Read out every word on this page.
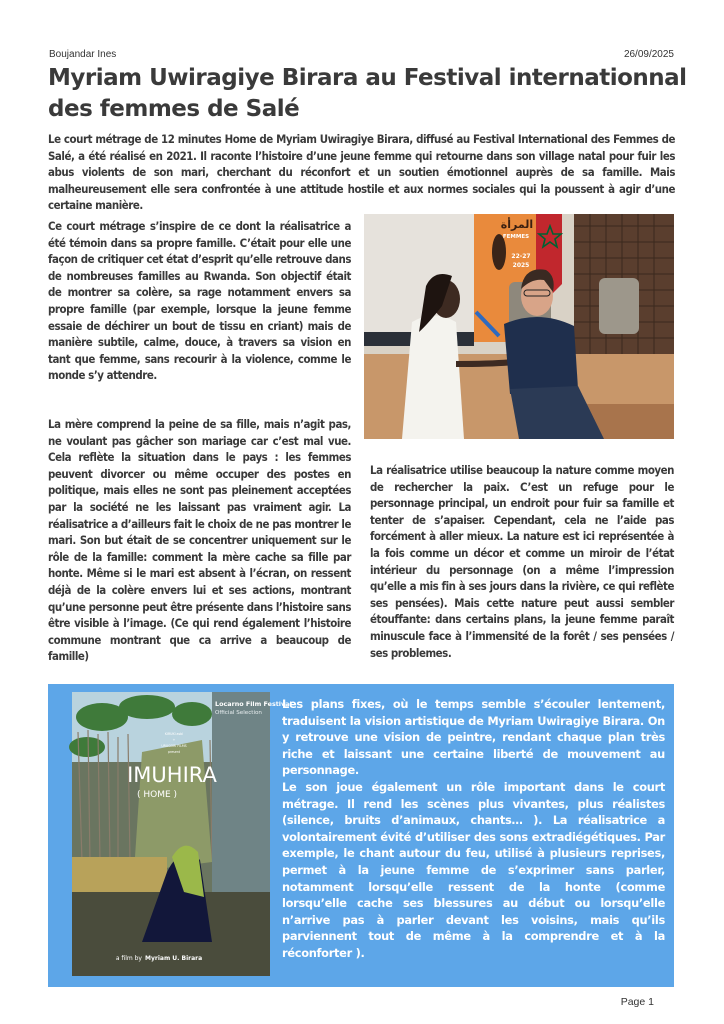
Boujandar Ines	26/09/2025
Myriam Uwiragiye Birara au Festival internationnal des femmes de Salé

Le court métrage de 12 minutes Home de Myriam Uwiragiye Birara, diffusé au Festival International des Femmes de Salé, a été réalisé en 2021. Il raconte l’histoire d’une jeune femme qui retourne dans son village natal pour fuir les abus violents de son mari, cherchant du réconfort et un soutien émotionnel auprès de sa famille. Mais malheureusement elle sera confrontée à une attitude hostile et aux normes sociales qui la poussent à agir d’une certaine manière.

Ce court métrage s’inspire de ce dont la réalisatrice a été témoin dans sa propre famille. C’était pour elle une façon de critiquer cet état d’esprit qu’elle retrouve dans de nombreuses familles au Rwanda. Son objectif était de montrer sa colère, sa rage notamment envers sa propre famille (par exemple, lorsque la jeune femme essaie de déchirer un bout de tissu en criant) mais de manière subtile, calme, douce, à travers sa vision en tant que femme, sans recourir à la violence, comme le monde s’y attendre.

La mère comprend la peine de sa fille, mais n’agit pas, ne voulant pas gâcher son mariage car c’est mal vue. Cela reflète la situation dans le pays : les femmes peuvent divorcer ou même occuper des postes en politique, mais elles ne sont pas pleinement acceptées par la société ne les laissant pas vraiment agir. La réalisatrice a d’ailleurs fait le choix de ne pas montrer le mari. Son but était de se concentrer uniquement sur le rôle de la famille: comment la mère cache sa fille par honte. Même si le mari est absent à l’écran, on ressent déjà de la colère envers lui et ses actions, montrant qu’une personne peut être présente dans l’histoire sans être visible à l’image. (Ce qui rend également l’histoire commune montrant que ca arrive a beaucoup de famille)

المرأة
FEMMES
22-27
2025

La réalisatrice utilise beaucoup la nature comme moyen de rechercher la paix. C’est un refuge pour le personnage principal, un endroit pour fuir sa famille et tenter de s’apaiser. Cependant, cela ne l’aide pas forcément à aller mieux. La nature est ici représentée à la fois comme un décor et comme un miroir de l’état intérieur du personnage (on a même l’impression qu’elle a mis fin à ses jours dans la rivière, ce qui reflète ses pensées). Mais cette nature peut aussi sembler étouffante: dans certains plans, la jeune femme paraît minuscule face à l’immensité de la forêt / ses pensées / ses problemes.

Locarno Film Festival
Official Selection
KIRUKI asbl
+
URUGORI FILMS
present
IMUHIRA
( HOME )
a film by Myriam U. Birara

Les plans fixes, où le temps semble s’écouler lentement, traduisent la vision artistique de Myriam Uwiragiye Birara. On y retrouve une vision de peintre, rendant chaque plan très riche et laissant une certaine liberté de mouvement au personnage.

Le son joue également un rôle important dans le court métrage. Il rend les scènes plus vivantes, plus réalistes (silence, bruits d’animaux, chants… ). La réalisatrice a volontairement évité d’utiliser des sons extradiégétiques. Par exemple, le chant autour du feu, utilisé à plusieurs reprises, permet à la jeune femme de s’exprimer sans parler, notamment lorsqu’elle ressent de la honte (comme lorsqu’elle cache ses blessures au début ou lorsqu’elle n’arrive pas à parler devant les voisins, mais qu’ils parviennent tout de même à la comprendre et à la réconforter ).

Page 1
